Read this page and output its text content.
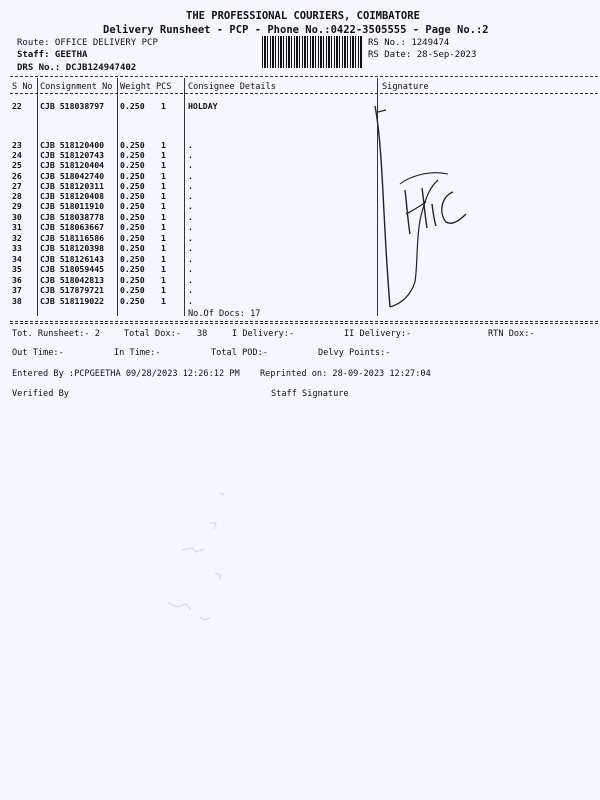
THE PROFESSIONAL COURIERS, COIMBATORE
Delivery Runsheet - PCP - Phone No.:0422-3505555 - Page No.:2
Route: OFFICE DELIVERY PCP
Staff: GEETHA
DRS No.: DCJB124947402
RS No.: 1249474
RS Date: 28-Sep-2023
S No Consignment No Weight PCS Consignee Details	Signature
22 CJB 518038797 0.250 1	HOLDAY
23 CJB 518120400 0.250 1	.
24 CJB 518120743 0.250 1	.
25 CJB 518120404 0.250 1	.
26 CJB 518042740 0.250 1	.
27 CJB 518120311 0.250 1	.
28 CJB 518120408 0.250 1	.
29 CJB 518011910 0.250 1	.
30 CJB 518038778 0.250 1	.
31 CJB 518063667 0.250 1	.
32 CJB 518116586 0.250 1	.
33 CJB 518120398 0.250 1	.
34 CJB 518126143 0.250 1	.
35 CJB 518059445 0.250 1	.
36 CJB 518042813 0.250 1	.
37 CJB 517879721 0.250 1	.
38 CJB 518119022 0.250 1	.
No.Of Docs: 17
Tot. Runsheet:- 2	Total Dox:- 38	I Delivery:-	II Delivery:-	RTN Dox:-
Out Time:-	In Time:-	Total POD:-	Delvy Points:-
Entered By :PCPGEETHA 09/28/2023 12:26:12 PM Reprinted on: 28-09-2023 12:27:04
Verified By	Staff Signature
